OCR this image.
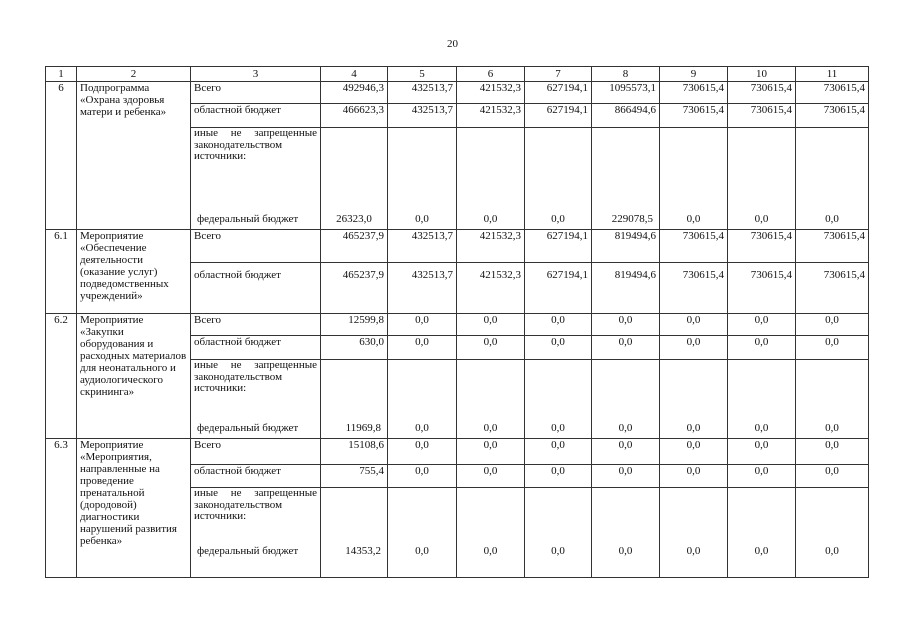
20
1	2	3	4	5	6	7	8	9	10	11
6	Подпрограмма «Охрана здоровья матери и ребенка»	Всего	492946,3	432513,7	421532,3	627194,1	1095573,1	730615,4	730615,4	730615,4
		областной бюджет	466623,3	432513,7	421532,3	627194,1	866494,6	730615,4	730615,4	730615,4

		иные не запрещенные законодательством источники:
федеральный бюджет	26323,0	0,0	0,0	0,0	229078,5	0,0	0,0	0,0

6.1	Мероприятие «Обеспечение деятельности (оказание услуг) подведомственных учреждений»	Всего	465237,9	432513,7	421532,3	627194,1	819494,6	730615,4	730615,4	730615,4
		областной бюджет	465237,9	432513,7	421532,3	627194,1	819494,6	730615,4	730615,4	730615,4
6.2	Мероприятие «Закупки оборудования и расходных материалов для неонатального и аудиологического скрининга»	Всего	12599,8	0,0	0,0	0,0	0,0	0,0	0,0	0,0
		областной бюджет	630,0	0,0	0,0	0,0	0,0	0,0	0,0	0,0

		иные не запрещенные законодательством источники:
федеральный бюджет	11969,8	0,0	0,0	0,0	0,0	0,0	0,0	0,0

6.3	Мероприятие «Мероприятия, направленные на проведение пренатальной (дородовой) диагностики нарушений развития ребенка»	Всего	15108,6	0,0	0,0	0,0	0,0	0,0	0,0	0,0
		областной бюджет	755,4	0,0	0,0	0,0	0,0	0,0	0,0	0,0

		иные не запрещенные законодательством источники:
федеральный бюджет	14353,2	0,0	0,0	0,0	0,0	0,0	0,0	0,0
